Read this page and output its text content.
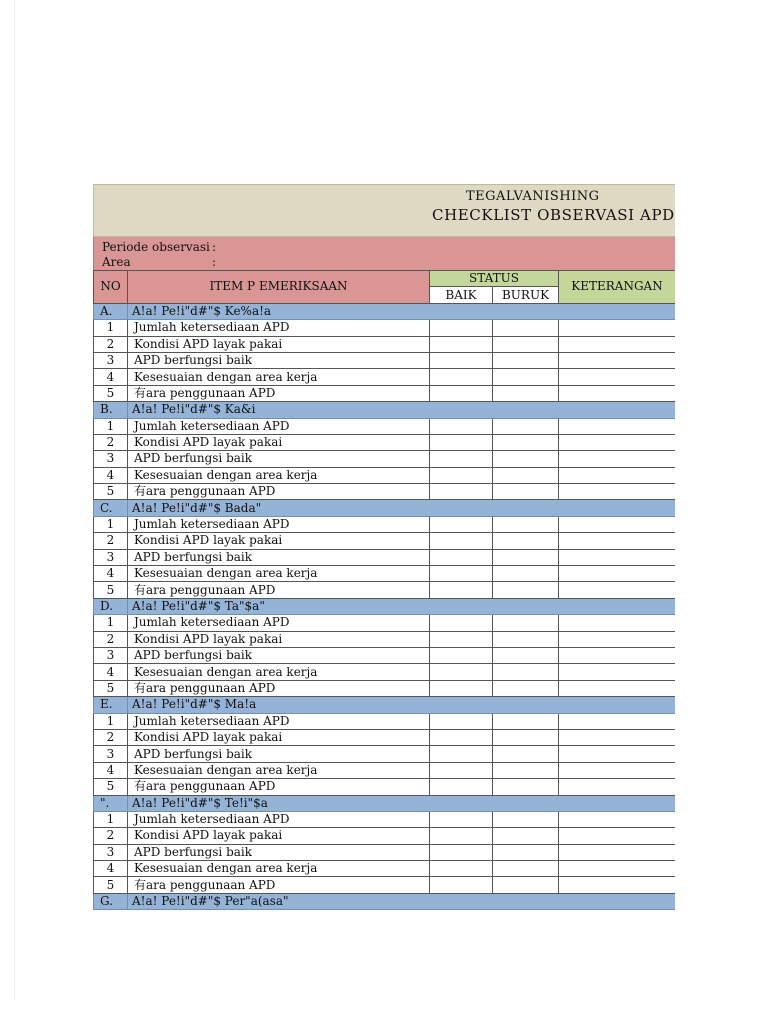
TEGALVANISHING
CHECKLIST OBSERVASI APD
Periode observasi :
Area	:
NO	ITEM P EMERIKSAAN	STATUS		KETERANGAN
		BAIK	BURUK	
A.	A!a! Pe!i"d#"$ Ke%a!a			
1	Jumlah ketersediaan APD			
2	Kondisi APD layak pakai			
3	APD berfungsi baik			
4	Kesesuaian dengan area kerja			
5	有ara penggunaan APD			
B.	A!a! Pe!i"d#"$ Ka&i			
1	Jumlah ketersediaan APD			
2	Kondisi APD layak pakai			
3	APD berfungsi baik			
4	Kesesuaian dengan area kerja			
5	有ara penggunaan APD			
C.	A!a! Pe!i"d#"$ Bada"			
1	Jumlah ketersediaan APD			
2	Kondisi APD layak pakai			
3	APD berfungsi baik			
4	Kesesuaian dengan area kerja			
5	有ara penggunaan APD			
D.	A!a! Pe!i"d#"$ Ta"$a"			
1	Jumlah ketersediaan APD			
2	Kondisi APD layak pakai			
3	APD berfungsi baik			
4	Kesesuaian dengan area kerja			
5	有ara penggunaan APD			
E.	A!a! Pe!i"d#"$ Ma!a			
1	Jumlah ketersediaan APD			
2	Kondisi APD layak pakai			
3	APD berfungsi baik			
4	Kesesuaian dengan area kerja			
5	有ara penggunaan APD			
".	A!a! Pe!i"d#"$ Te!i"$a			
1	Jumlah ketersediaan APD			
2	Kondisi APD layak pakai			
3	APD berfungsi baik			
4	Kesesuaian dengan area kerja			
5	有ara penggunaan APD			
G.	A!a! Pe!i"d#"$ Per"a(asa"			
